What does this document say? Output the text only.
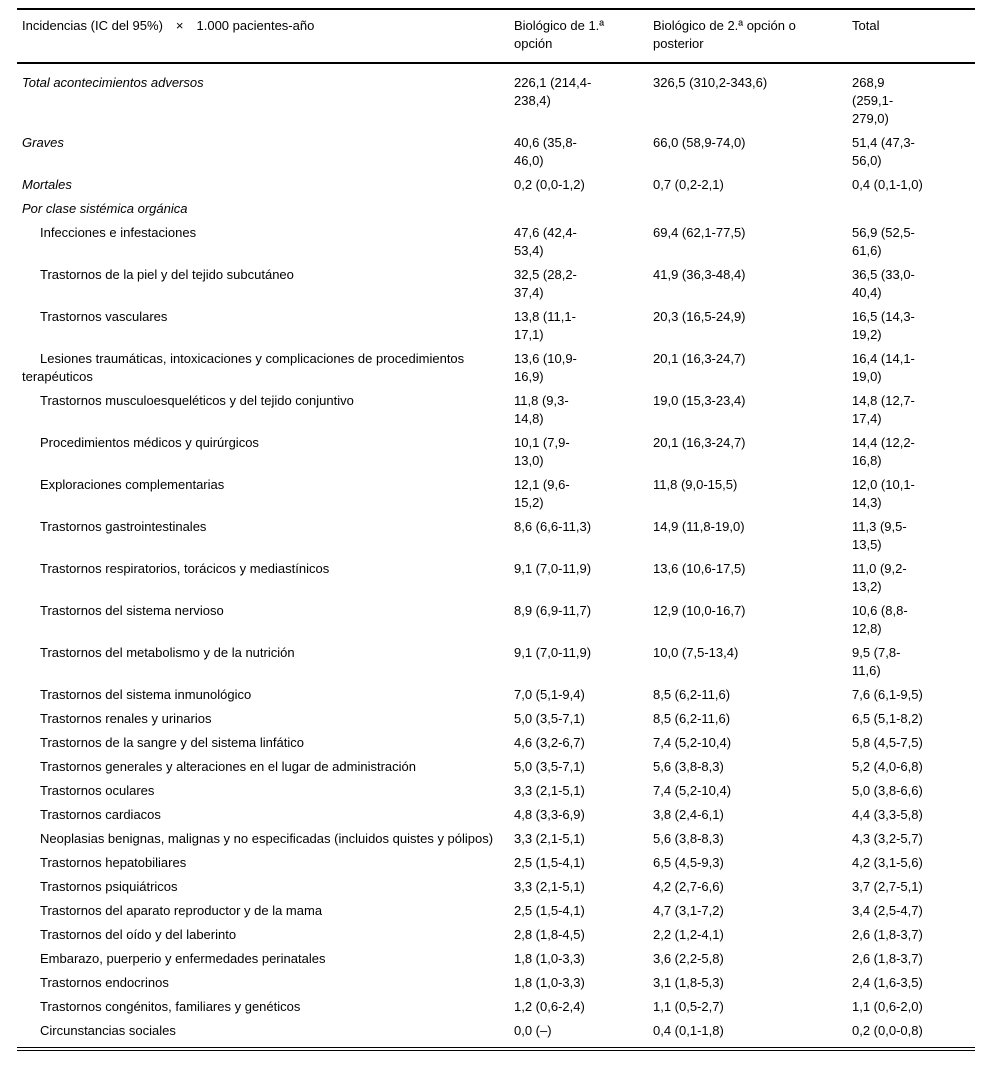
Incidencias (IC del 95%) × 1.000 pacientes-año	Biológico de 1.ª opción	Biológico de 2.ª opción o posterior	Total
Total acontecimientos adversos	226,1 (214,4-238,4)	326,5 (310,2-343,6)	268,9 (259,1-279,0)
Graves	40,6 (35,8-46,0)	66,0 (58,9-74,0)	51,4 (47,3-56,0)
Mortales	0,2 (0,0-1,2)	0,7 (0,2-2,1)	0,4 (0,1-1,0)
Por clase sistémica orgánica			
Infecciones e infestaciones	47,6 (42,4-53,4)	69,4 (62,1-77,5)	56,9 (52,5-61,6)
Trastornos de la piel y del tejido subcutáneo	32,5 (28,2-37,4)	41,9 (36,3-48,4)	36,5 (33,0-40,4)
Trastornos vasculares	13,8 (11,1-17,1)	20,3 (16,5-24,9)	16,5 (14,3-19,2)
Lesiones traumáticas, intoxicaciones y complicaciones de procedimientos terapéuticos	13,6 (10,9-16,9)	20,1 (16,3-24,7)	16,4 (14,1-19,0)
Trastornos musculoesqueléticos y del tejido conjuntivo	11,8 (9,3-14,8)	19,0 (15,3-23,4)	14,8 (12,7-17,4)
Procedimientos médicos y quirúrgicos	10,1 (7,9-13,0)	20,1 (16,3-24,7)	14,4 (12,2-16,8)
Exploraciones complementarias	12,1 (9,6-15,2)	11,8 (9,0-15,5)	12,0 (10,1-14,3)
Trastornos gastrointestinales	8,6 (6,6-11,3)	14,9 (11,8-19,0)	11,3 (9,5-13,5)
Trastornos respiratorios, torácicos y mediastínicos	9,1 (7,0-11,9)	13,6 (10,6-17,5)	11,0 (9,2-13,2)
Trastornos del sistema nervioso	8,9 (6,9-11,7)	12,9 (10,0-16,7)	10,6 (8,8-12,8)
Trastornos del metabolismo y de la nutrición	9,1 (7,0-11,9)	10,0 (7,5-13,4)	9,5 (7,8-11,6)
Trastornos del sistema inmunológico	7,0 (5,1-9,4)	8,5 (6,2-11,6)	7,6 (6,1-9,5)
Trastornos renales y urinarios	5,0 (3,5-7,1)	8,5 (6,2-11,6)	6,5 (5,1-8,2)
Trastornos de la sangre y del sistema linfático	4,6 (3,2-6,7)	7,4 (5,2-10,4)	5,8 (4,5-7,5)
Trastornos generales y alteraciones en el lugar de administración	5,0 (3,5-7,1)	5,6 (3,8-8,3)	5,2 (4,0-6,8)
Trastornos oculares	3,3 (2,1-5,1)	7,4 (5,2-10,4)	5,0 (3,8-6,6)
Trastornos cardiacos	4,8 (3,3-6,9)	3,8 (2,4-6,1)	4,4 (3,3-5,8)
Neoplasias benignas, malignas y no especificadas (incluidos quistes y pólipos)	3,3 (2,1-5,1)	5,6 (3,8-8,3)	4,3 (3,2-5,7)
Trastornos hepatobiliares	2,5 (1,5-4,1)	6,5 (4,5-9,3)	4,2 (3,1-5,6)
Trastornos psiquiátricos	3,3 (2,1-5,1)	4,2 (2,7-6,6)	3,7 (2,7-5,1)
Trastornos del aparato reproductor y de la mama	2,5 (1,5-4,1)	4,7 (3,1-7,2)	3,4 (2,5-4,7)
Trastornos del oído y del laberinto	2,8 (1,8-4,5)	2,2 (1,2-4,1)	2,6 (1,8-3,7)
Embarazo, puerperio y enfermedades perinatales	1,8 (1,0-3,3)	3,6 (2,2-5,8)	2,6 (1,8-3,7)
Trastornos endocrinos	1,8 (1,0-3,3)	3,1 (1,8-5,3)	2,4 (1,6-3,5)
Trastornos congénitos, familiares y genéticos	1,2 (0,6-2,4)	1,1 (0,5-2,7)	1,1 (0,6-2,0)
Circunstancias sociales	0,0 (–)	0,4 (0,1-1,8)	0,2 (0,0-0,8)
